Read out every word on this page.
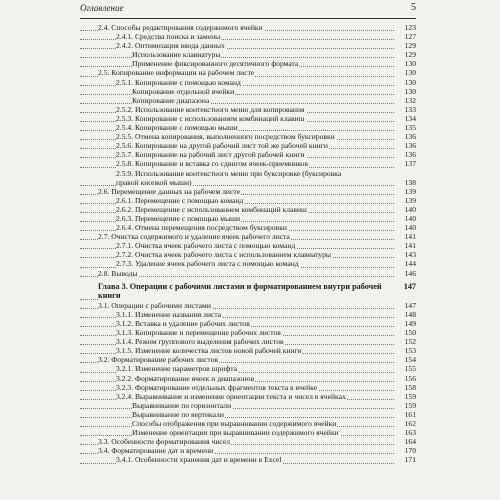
Оглавление	5
2.4. Способы редактирования содержимого ячейки	123
2.4.1. Средства поиска и замены	127
2.4.2. Оптимизация ввода данных	129
Использование клавиатуры	129
Применение фиксированного десятичного формата	130
2.5. Копирование информации на рабочем листе	130
2.5.1. Копирование с помощью команд	130
Копирование отдельной ячейки	130
Копирование диапазона	132
2.5.2. Использование контекстного меню для копирования	133
2.5.3. Копирование с использованием комбинаций клавиш	134
2.5.4. Копирование с помощью мыши	135
2.5.5. Отмена копирования, выполненного посредством буксировки	136
2.5.6. Копирование на другой рабочий лист той же рабочей книги	136
2.5.7. Копирование на рабочий лист другой рабочей книги	136
2.5.8. Копирование и вставка со сдвигом ячеек-приемников	137
2.5.9. Использование контекстного меню при буксировке (буксировка
правой кнопкой мыши)	138
2.6. Перемещение данных на рабочем листе	139
2.6.1. Перемещение с помощью команд	139
2.6.2. Перемещение с использованием комбинаций клавиш	140
2.6.3. Перемещение с помощью мыши	140
2.6.4. Отмена перемещения посредством буксировки	140
2.7. Очистка содержимого и удаление ячеек рабочего листа	141
2.7.1. Очистка ячеек рабочего листа с помощью команд	141
2.7.2. Очистка ячеек рабочего листа с использованием клавиатуры	143
2.7.3. Удаление ячеек рабочего листа с помощью команд	144
2.8. Выводы	146
Глава 3. Операции с рабочими листами и форматированием внутри рабочей книги
147
3.1. Операции с рабочими листами	147
3.1.1. Изменение названия листа	148
3.1.2. Вставка и удаление рабочих листов	149
3.1.3. Копирование и перемещение рабочих листов	150
3.1.4. Режим группового выделения рабочих листов	152
3.1.5. Изменение количества листов новой рабочей книги	153
3.2. Форматирование рабочих листов	154
3.2.1. Изменение параметров шрифта	155
3.2.2. Форматирование ячеек и диапазонов	156
3.2.3. Форматирование отдельных фрагментов текста в ячейке	158
3.2.4. Выравнивание и изменение ориентации текста и чисел в ячейках	159
Выравнивание по горизонтали	159
Выравнивание по вертикали	161
Способы отображения при выравнивании содержимого ячейки	162
Изменение ориентации при выравнивании содержимого ячейки	163
3.3. Особенности форматирования чисел	164
3.4. Форматирование дат и времени	170
3.4.1. Особенности хранения дат и времени в Excel	171
